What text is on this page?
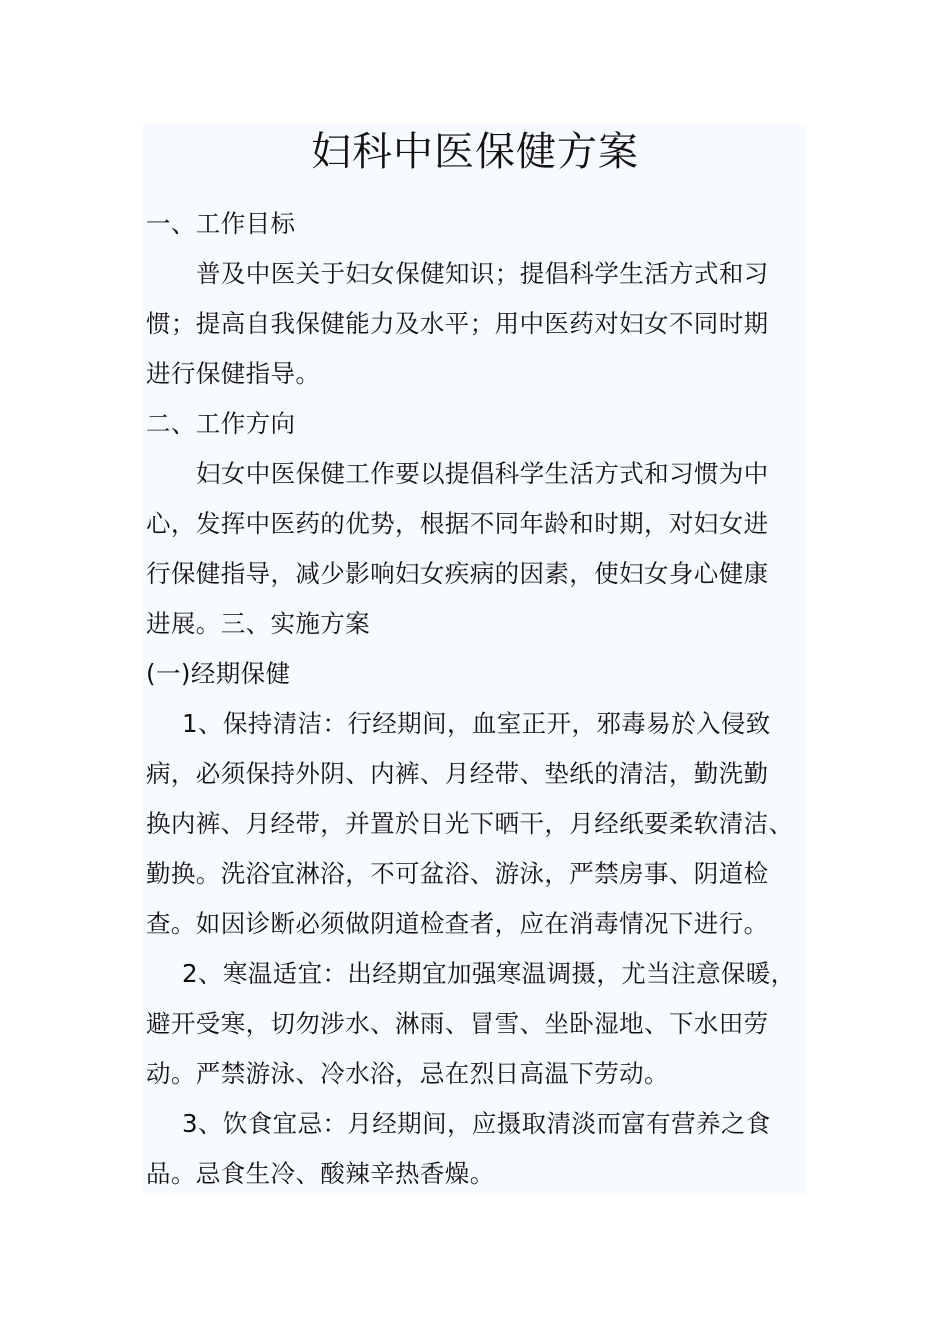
妇科中医保健方案
一、工作目标
普及中医关于妇女保健知识；提倡科学生活方式和习
惯；提高自我保健能力及水平；用中医药对妇女不同时期
进行保健指导。
二、工作方向
妇女中医保健工作要以提倡科学生活方式和习惯为中
心，发挥中医药的优势，根据不同年龄和时期，对妇女进
行保健指导，减少影响妇女疾病的因素，使妇女身心健康
进展。三、实施方案
(一)经期保健
1、保持清洁：行经期间，血室正开，邪毒易於入侵致
病，必须保持外阴、内裤、月经带、垫纸的清洁，勤洗勤
换内裤、月经带，并置於日光下晒干，月经纸要柔软清洁、
勤换。洗浴宜淋浴，不可盆浴、游泳，严禁房事、阴道检
查。如因诊断必须做阴道检查者，应在消毒情况下进行。
2、寒温适宜：出经期宜加强寒温调摄，尤当注意保暖，
避开受寒，切勿涉水、淋雨、冒雪、坐卧湿地、下水田劳
动。严禁游泳、冷水浴，忌在烈日高温下劳动。
3、饮食宜忌：月经期间，应摄取清淡而富有营养之食
品。忌食生冷、酸辣辛热香燥。
